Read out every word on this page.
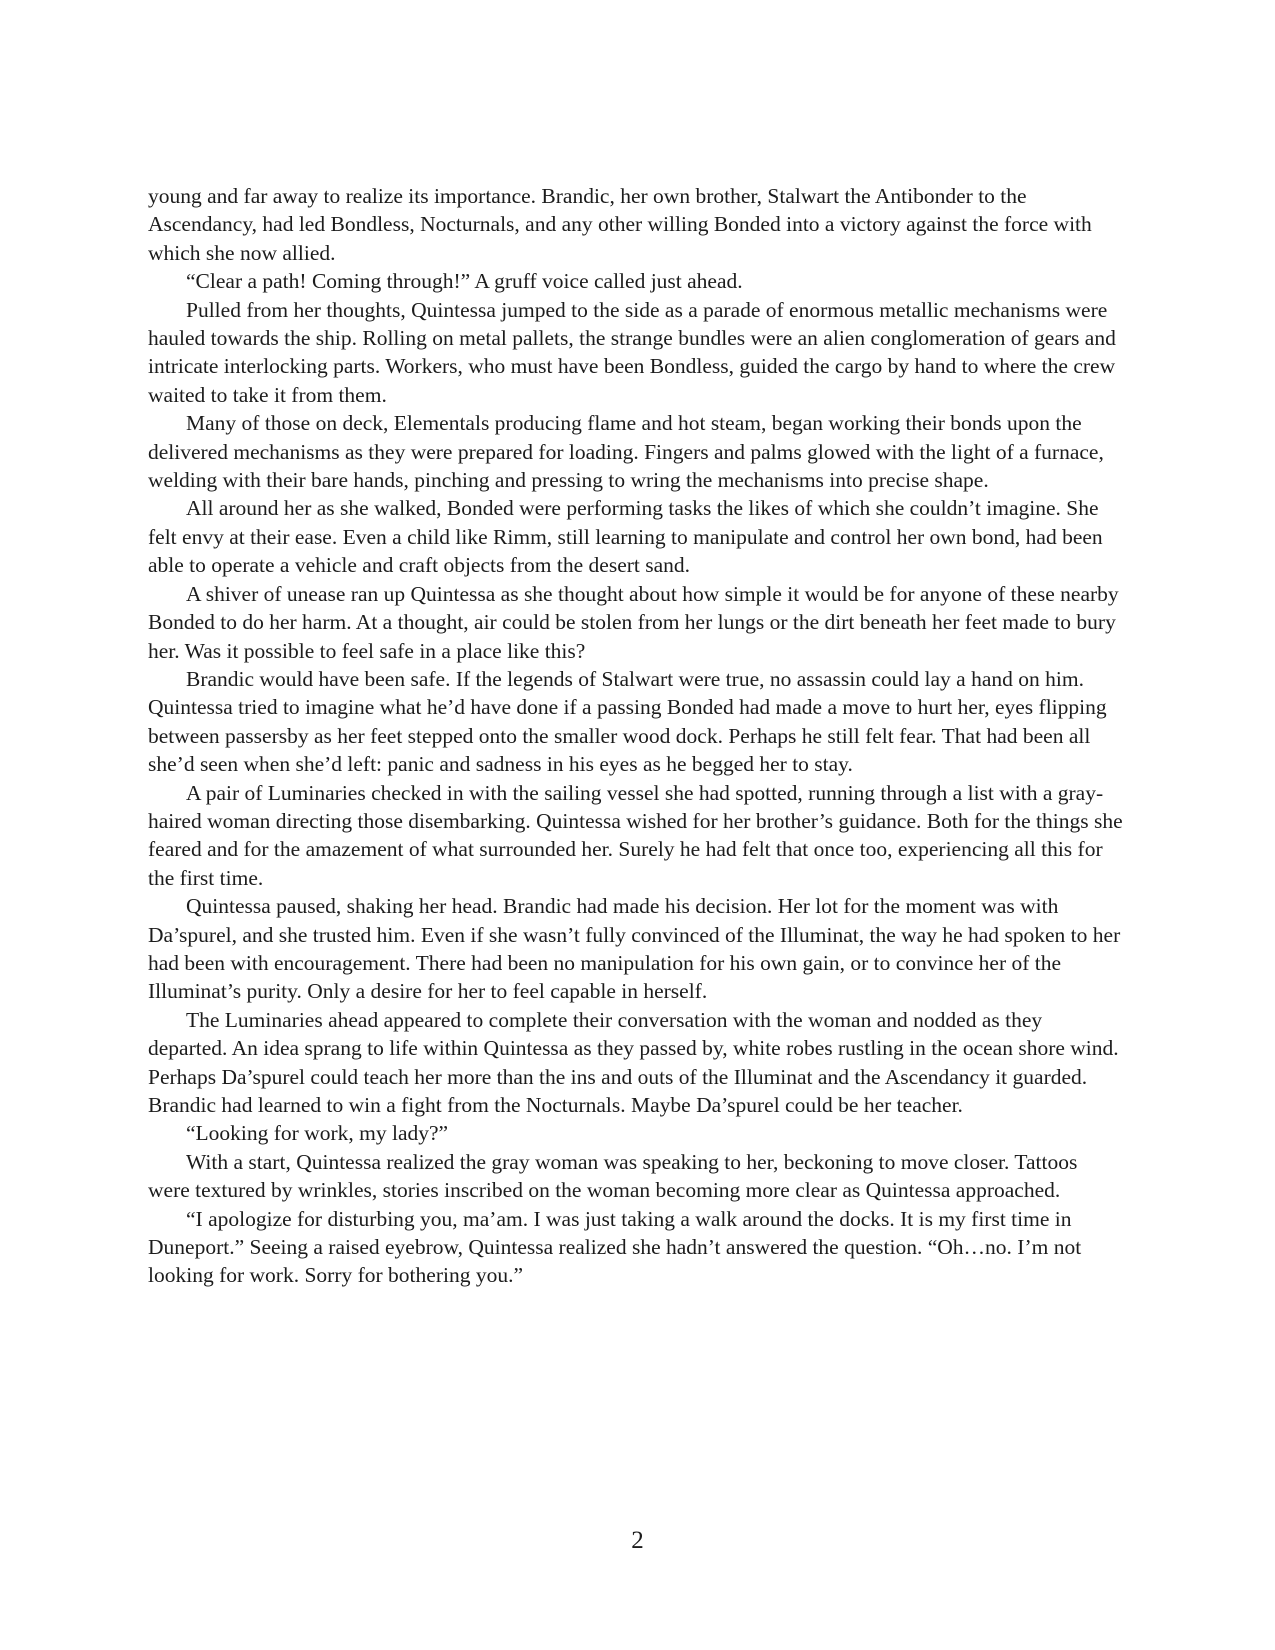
young and far away to realize its importance. Brandic, her own brother, Stalwart the Antibonder to the Ascendancy, had led Bondless, Nocturnals, and any other willing Bonded into a victory against the force with which she now allied.

“Clear a path! Coming through!” A gruff voice called just ahead.

Pulled from her thoughts, Quintessa jumped to the side as a parade of enormous metallic mechanisms were hauled towards the ship. Rolling on metal pallets, the strange bundles were an alien conglomeration of gears and intricate interlocking parts. Workers, who must have been Bondless, guided the cargo by hand to where the crew waited to take it from them.

Many of those on deck, Elementals producing flame and hot steam, began working their bonds upon the delivered mechanisms as they were prepared for loading. Fingers and palms glowed with the light of a furnace, welding with their bare hands, pinching and pressing to wring the mechanisms into precise shape.

All around her as she walked, Bonded were performing tasks the likes of which she couldn’t imagine. She felt envy at their ease. Even a child like Rimm, still learning to manipulate and control her own bond, had been able to operate a vehicle and craft objects from the desert sand.

A shiver of unease ran up Quintessa as she thought about how simple it would be for anyone of these nearby Bonded to do her harm. At a thought, air could be stolen from her lungs or the dirt beneath her feet made to bury her. Was it possible to feel safe in a place like this?

Brandic would have been safe. If the legends of Stalwart were true, no assassin could lay a hand on him. Quintessa tried to imagine what he’d have done if a passing Bonded had made a move to hurt her, eyes flipping between passersby as her feet stepped onto the smaller wood dock. Perhaps he still felt fear. That had been all she’d seen when she’d left: panic and sadness in his eyes as he begged her to stay.

A pair of Luminaries checked in with the sailing vessel she had spotted, running through a list with a gray-haired woman directing those disembarking. Quintessa wished for her brother’s guidance. Both for the things she feared and for the amazement of what surrounded her. Surely he had felt that once too, experiencing all this for the first time.

Quintessa paused, shaking her head. Brandic had made his decision. Her lot for the moment was with Da’spurel, and she trusted him. Even if she wasn’t fully convinced of the Illuminat, the way he had spoken to her had been with encouragement. There had been no manipulation for his own gain, or to convince her of the Illuminat’s purity. Only a desire for her to feel capable in herself.

The Luminaries ahead appeared to complete their conversation with the woman and nodded as they departed. An idea sprang to life within Quintessa as they passed by, white robes rustling in the ocean shore wind. Perhaps Da’spurel could teach her more than the ins and outs of the Illuminat and the Ascendancy it guarded. Brandic had learned to win a fight from the Nocturnals. Maybe Da’spurel could be her teacher.

“Looking for work, my lady?”

With a start, Quintessa realized the gray woman was speaking to her, beckoning to move closer. Tattoos were textured by wrinkles, stories inscribed on the woman becoming more clear as Quintessa approached.

“I apologize for disturbing you, ma’am. I was just taking a walk around the docks. It is my first time in Duneport.” Seeing a raised eyebrow, Quintessa realized she hadn’t answered the question. “Oh…no. I’m not looking for work. Sorry for bothering you.”

2
